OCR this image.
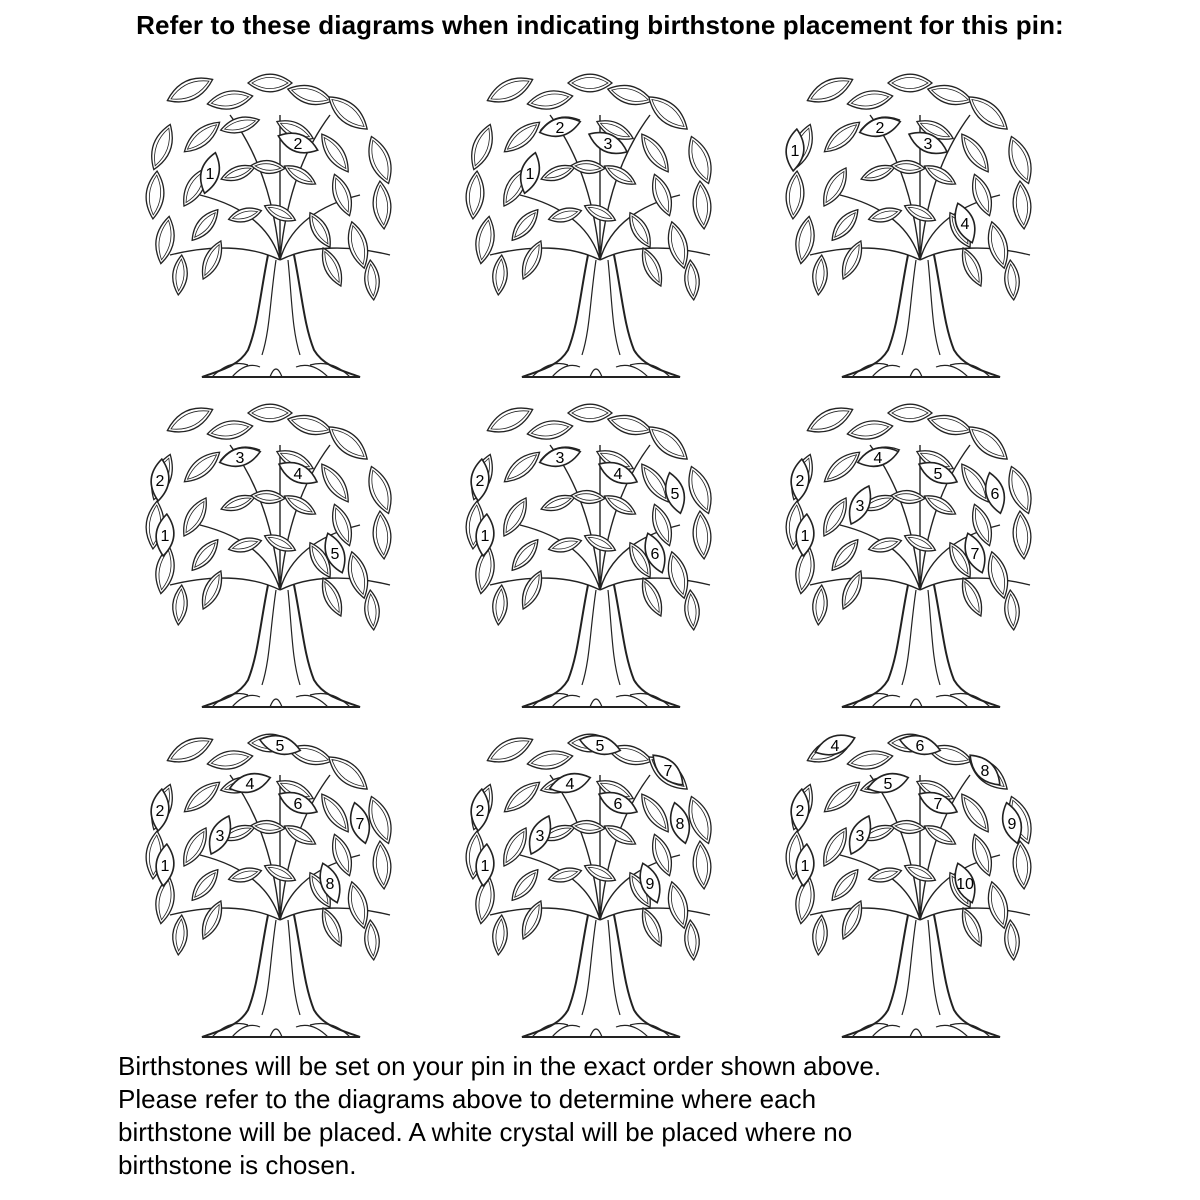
Refer to these diagrams when indicating birthstone placement for this pin:
1
2
1
2
3	1
2
3
4
1
2
3
4
5
1
2
3
4
5
6
1
2
3
4
5
6
7
1
2
3
4
5
6
7
8
1
2
3
4
5
6
7
8
9
1
2
3
4
5
6
7
8
9
10
Birthstones will be set on your pin in the exact order shown above.
Please refer to the diagrams above to determine where each
birthstone will be placed. A white crystal will be placed where no
birthstone is chosen.
